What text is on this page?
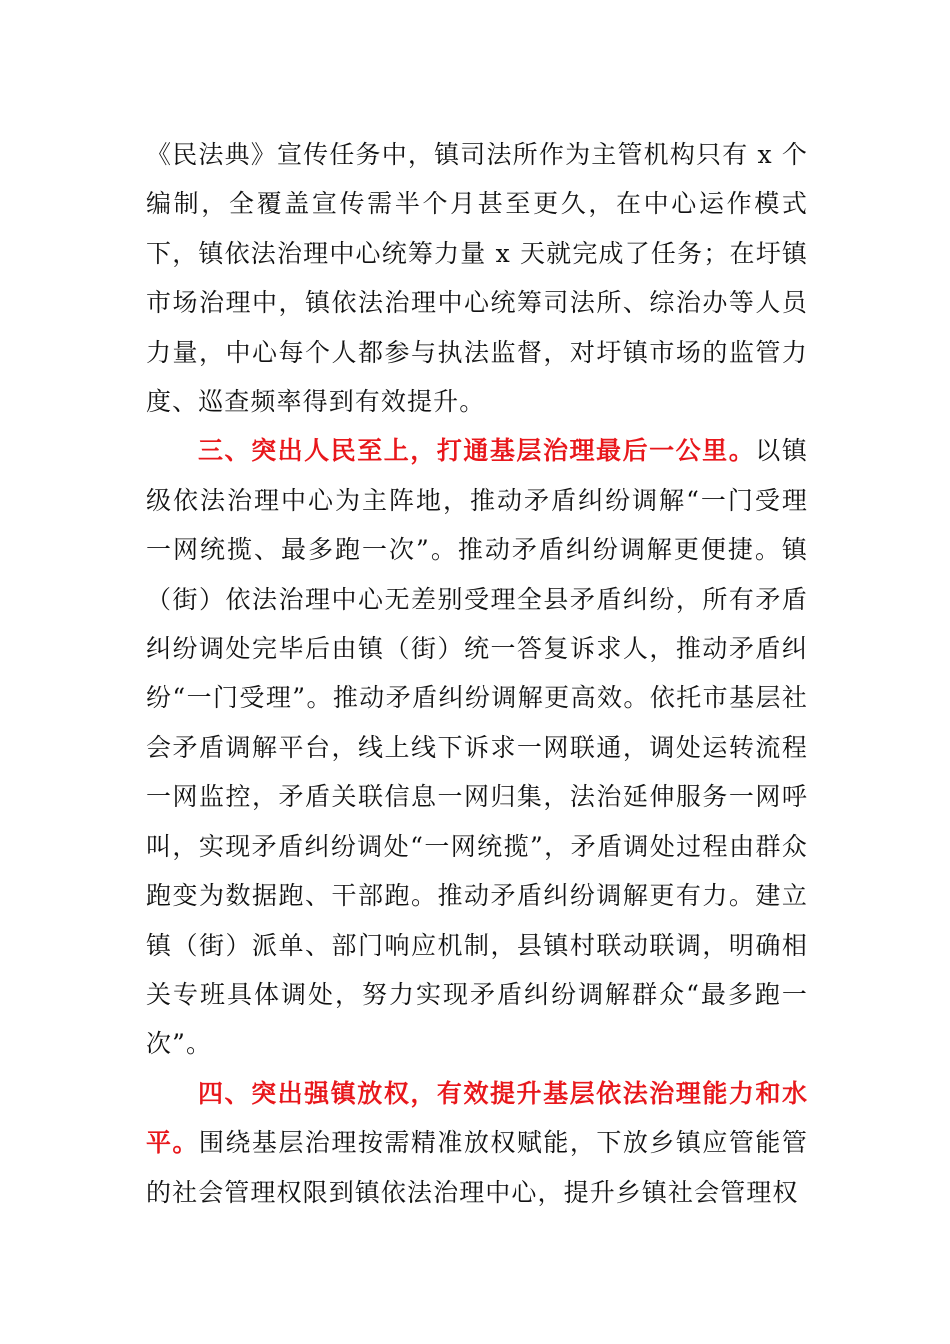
《民法典》宣传任务中，镇司法所作为主管机构只有 x 个编制，全覆盖宣传需半个月甚至更久，在中心运作模式下，镇依法治理中心统筹力量 x 天就完成了任务；在圩镇市场治理中，镇依法治理中心统筹司法所、综治办等人员力量，中心每个人都参与执法监督，对圩镇市场的监管力度、巡查频率得到有效提升。

三、突出人民至上，打通基层治理最后一公里。以镇级依法治理中心为主阵地，推动矛盾纠纷调解“一门受理一网统揽、最多跑一次”。推动矛盾纠纷调解更便捷。镇（街）依法治理中心无差别受理全县矛盾纠纷，所有矛盾纠纷调处完毕后由镇（街）统一答复诉求人，推动矛盾纠纷“一门受理”。推动矛盾纠纷调解更高效。依托市基层社会矛盾调解平台，线上线下诉求一网联通，调处运转流程一网监控，矛盾关联信息一网归集，法治延伸服务一网呼叫，实现矛盾纠纷调处“一网统揽”，矛盾调处过程由群众跑变为数据跑、干部跑。推动矛盾纠纷调解更有力。建立镇（街）派单、部门响应机制，县镇村联动联调，明确相关专班具体调处，努力实现矛盾纠纷调解群众“最多跑一次”。

四、突出强镇放权，有效提升基层依法治理能力和水平。围绕基层治理按需精准放权赋能，下放乡镇应管能管的社会管理权限到镇依法治理中心，提升乡镇社会管理权
